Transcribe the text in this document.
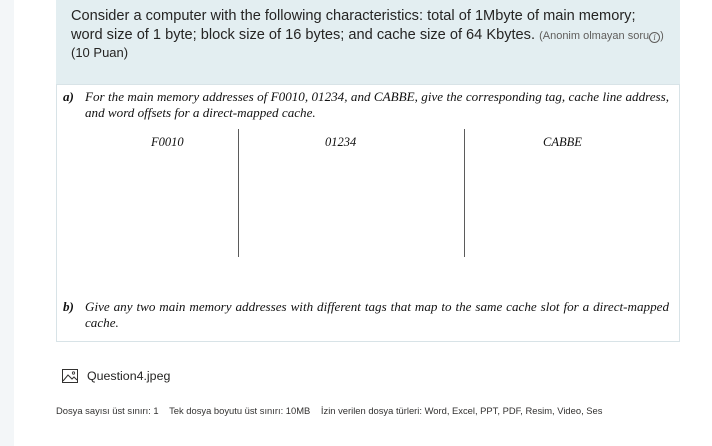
Consider a computer with the following characteristics: total of 1Mbyte of main memory; word size of 1 byte; block size of 16 bytes; and cache size of 64 Kbytes. (Anonim olmayan soru i )
(10 Puan)
a) For the main memory addresses of F0010, 01234, and CABBE, give the corresponding tag, cache line address, and word offsets for a direct-mapped cache.
F0010	01234	CABBE
b) Give any two main memory addresses with different tags that map to the same cache slot for a direct-mapped cache.
Question4.jpeg
Dosya sayısı üst sınırı: 1 Tek dosya boyutu üst sınırı: 10MB İzin verilen dosya türleri: Word, Excel, PPT, PDF, Resim, Video, Ses
